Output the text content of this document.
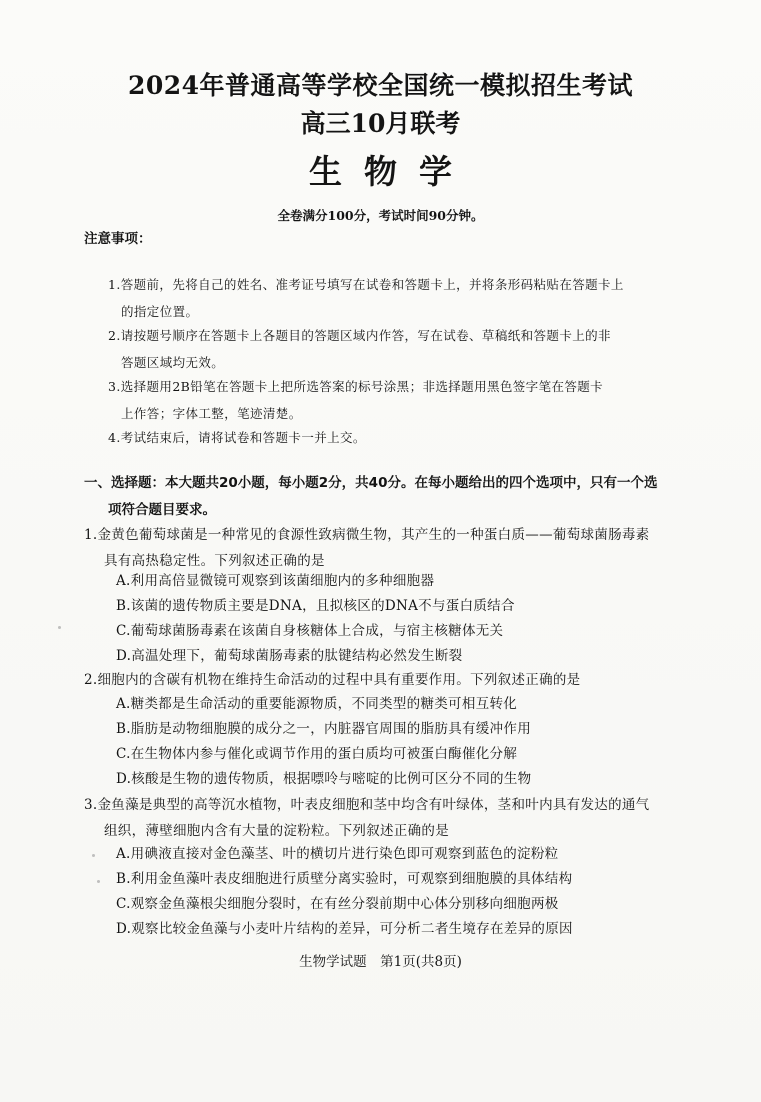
2024年普通高等学校全国统一模拟招生考试
高三10月联考
生物学
全卷满分100分，考试时间90分钟。
注意事项：
1.答题前，先将自己的姓名、准考证号填写在试卷和答题卡上，并将条形码粘贴在答题卡上
的指定位置。
2.请按题号顺序在答题卡上各题目的答题区域内作答，写在试卷、草稿纸和答题卡上的非
答题区域均无效。
3.选择题用2B铅笔在答题卡上把所选答案的标号涂黑；非选择题用黑色签字笔在答题卡
上作答；字体工整，笔迹清楚。
4.考试结束后，请将试卷和答题卡一并上交。
一、选择题：本大题共20小题，每小题2分，共40分。在每小题给出的四个选项中，只有一个选
项符合题目要求。
1.金黄色葡萄球菌是一种常见的食源性致病微生物，其产生的一种蛋白质——葡萄球菌肠毒素
具有高热稳定性。下列叙述正确的是
A.利用高倍显微镜可观察到该菌细胞内的多种细胞器
B.该菌的遗传物质主要是DNA，且拟核区的DNA不与蛋白质结合
C.葡萄球菌肠毒素在该菌自身核糖体上合成，与宿主核糖体无关
D.高温处理下，葡萄球菌肠毒素的肽键结构必然发生断裂
2.细胞内的含碳有机物在维持生命活动的过程中具有重要作用。下列叙述正确的是
A.糖类都是生命活动的重要能源物质，不同类型的糖类可相互转化
B.脂肪是动物细胞膜的成分之一，内脏器官周围的脂肪具有缓冲作用
C.在生物体内参与催化或调节作用的蛋白质均可被蛋白酶催化分解
D.核酸是生物的遗传物质，根据嘌呤与嘧啶的比例可区分不同的生物
3.金鱼藻是典型的高等沉水植物，叶表皮细胞和茎中均含有叶绿体，茎和叶内具有发达的通气
组织，薄壁细胞内含有大量的淀粉粒。下列叙述正确的是
A.用碘液直接对金色藻茎、叶的横切片进行染色即可观察到蓝色的淀粉粒
B.利用金鱼藻叶表皮细胞进行质壁分离实验时，可观察到细胞膜的具体结构
C.观察金鱼藻根尖细胞分裂时，在有丝分裂前期中心体分别移向细胞两极
D.观察比较金鱼藻与小麦叶片结构的差异，可分析二者生境存在差异的原因
生物学试题　第1页(共8页)
